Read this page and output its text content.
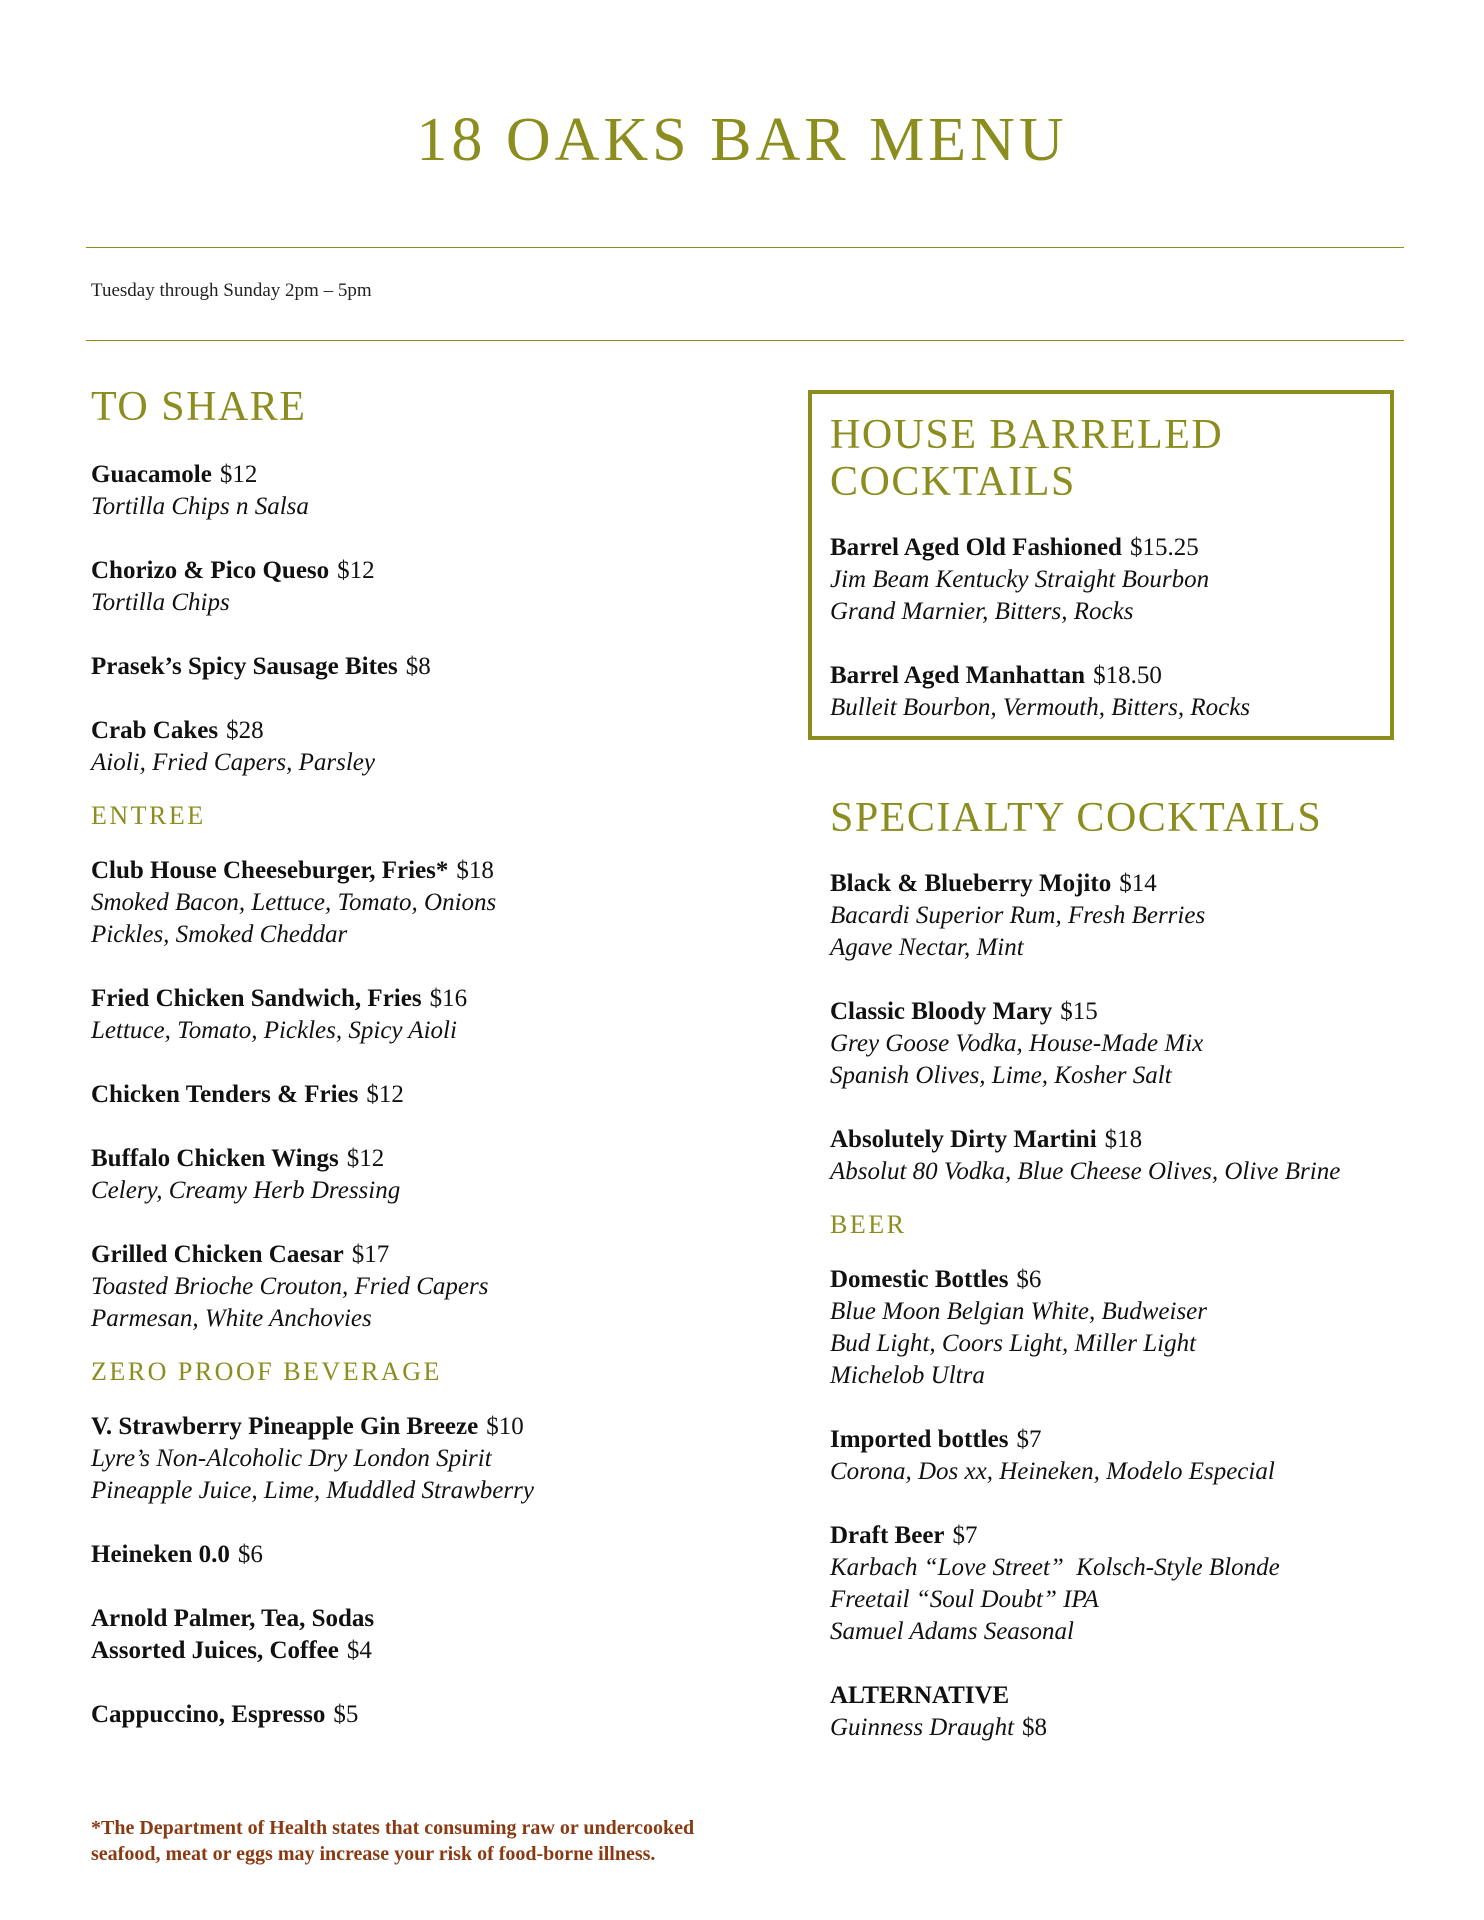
18 OAKS BAR MENU
Tuesday through Sunday 2pm – 5pm
TO SHARE
Guacamole $12
Tortilla Chips n Salsa
Chorizo & Pico Queso $12
Tortilla Chips
Prasek’s Spicy Sausage Bites $8
Crab Cakes $28
Aioli, Fried Capers, Parsley
ENTREE
Club House Cheeseburger, Fries* $18
Smoked Bacon, Lettuce, Tomato, Onions
Pickles, Smoked Cheddar
Fried Chicken Sandwich, Fries $16
Lettuce, Tomato, Pickles, Spicy Aioli
Chicken Tenders & Fries $12
Buffalo Chicken Wings $12
Celery, Creamy Herb Dressing
Grilled Chicken Caesar $17
Toasted Brioche Crouton, Fried Capers
Parmesan, White Anchovies
ZERO PROOF BEVERAGE
V. Strawberry Pineapple Gin Breeze $10
Lyre’s Non-Alcoholic Dry London Spirit
Pineapple Juice, Lime, Muddled Strawberry
Heineken 0.0 $6
Arnold Palmer, Tea, Sodas
Assorted Juices, Coffee $4
Cappuccino, Espresso $5
*The Department of Health states that consuming raw or undercooked seafood, meat or eggs may increase your risk of food-borne illness.
HOUSE BARRELED
COCKTAILS
Barrel Aged Old Fashioned $15.25
Jim Beam Kentucky Straight Bourbon
Grand Marnier, Bitters, Rocks
Barrel Aged Manhattan $18.50
Bulleit Bourbon, Vermouth, Bitters, Rocks
SPECIALTY COCKTAILS
Black & Blueberry Mojito $14
Bacardi Superior Rum, Fresh Berries
Agave Nectar, Mint
Classic Bloody Mary $15
Grey Goose Vodka, House-Made Mix
Spanish Olives, Lime, Kosher Salt
Absolutely Dirty Martini $18
Absolut 80 Vodka, Blue Cheese Olives, Olive Brine
BEER
Domestic Bottles $6
Blue Moon Belgian White, Budweiser
Bud Light, Coors Light, Miller Light
Michelob Ultra
Imported bottles $7
Corona, Dos xx, Heineken, Modelo Especial
Draft Beer $7
Karbach “Love Street”  Kolsch-Style Blonde
Freetail “Soul Doubt” IPA
Samuel Adams Seasonal
ALTERNATIVE
Guinness Draught $8
